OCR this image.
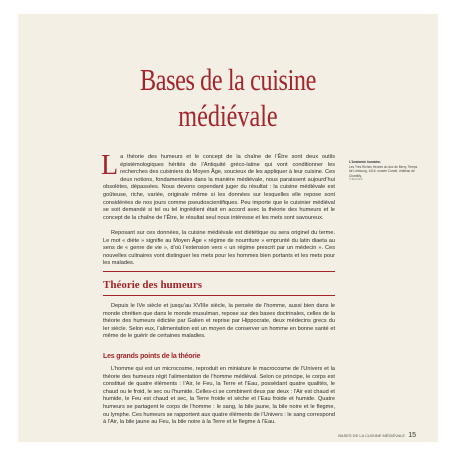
Bases de la cuisine
médiévale

La théorie des humeurs et le concept de la chaîne de l’Être sont deux outils épistémologiques hérités de l’Antiquité gréco-latine qui vont conditionner les recherches des cuisiniers du Moyen Âge, soucieux de les appliquer à leur cuisine. Ces deux notions, fondamentales dans la manière médiévale, nous paraissent aujourd’hui obsolètes, dépassées. Nous devons cependant juger du résultat : la cuisine médiévale est goûteuse, riche, variée, originale même si les données sur lesquelles elle repose sont considérées de nos jours comme pseudoscientifiques. Peu importe que le cuisinier médiéval se soit demandé si tel ou tel ingrédient était en accord avec la théorie des humeurs et le concept de la chaîne de l’Être, le résultat seul nous intéresse et les mets sont savoureux.

Reposant sur ces données, la cuisine médiévale est diététique ou sera originel du terme. Le mot « diète » signifie au Moyen Âge « régime de nourriture » emprunté du latin diaeta au sens de « genre de vie », d’où l’extension vers « un régime prescrit par un médecin ». Ces nouvelles culinaires vont distinguer les mets pour les hommes bien portants et les mets pour les malades.

L’Anatomie humaine.
Les Très Riches Heures du duc de Berry, Temps de Limbourg, 1416, musée Condé, château de Chantilly.
© Bernhard
Théorie des humeurs

Depuis le IVe siècle et jusqu’au XVIIIe siècle, la pensée de l’homme, aussi bien dans le monde chrétien que dans le monde musulman, repose sur des bases doctrinales, celles de la théorie des humeurs édictée par Galien et reprise par Hippocrate, deux médecins grecs du Ier siècle. Selon eux, l’alimentation est un moyen de conserver un homme en bonne santé et même de le guérir de certaines maladies.

Les grands points de la théorie

L’homme qui est un microcosme, reproduit en miniature le macrocosme de l’Univers et la théorie des humeurs régit l’alimentation de l’homme médiéval. Selon ce principe, le corps est constitué de quatre éléments : l’Air, le Feu, la Terre et l’Eau, possédant quatre qualités, le chaud ou le froid, le sec ou l’humide. Celles-ci se combinent deux par deux : l’Air est chaud et humide, le Feu est chaud et sec, la Terre froide et sèche et l’Eau froide et humide. Quatre humeurs se partagent le corps de l’homme : le sang, la bile jaune, la bile noire et le flegme, ou lymphe. Ces humeurs se rapportent aux quatre éléments de l’Univers : le sang correspond à l’Air, la bile jaune au Feu, la bile noire à la Terre et le flegme à l’Eau.

BASES DE LA CUISINE MÉDIÉVALE 15
